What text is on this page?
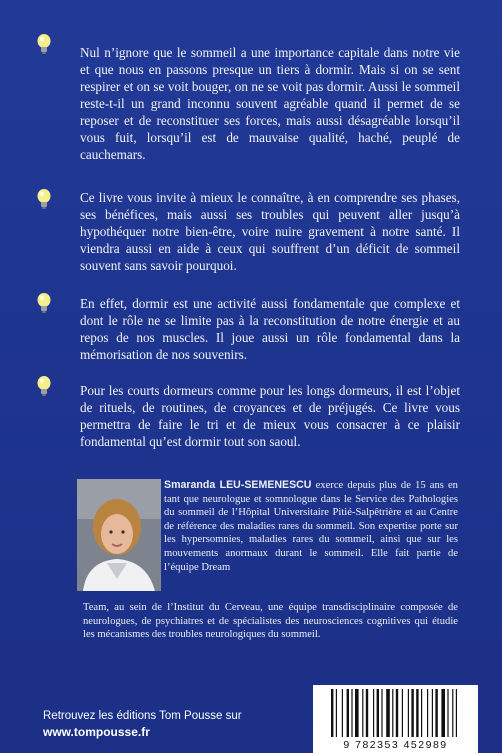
Nul n’ignore que le sommeil a une importance capitale dans notre vie et que nous en passons presque un tiers à dormir. Mais si on se sent respirer et on se voit bouger, on ne se voit pas dormir. Aussi le sommeil reste-t-il un grand inconnu souvent agréable quand il permet de se reposer et de reconstituer ses forces, mais aussi désagréable lorsqu’il vous fuit, lorsqu’il est de mauvaise qualité, haché, peuplé de cauchemars.
Ce livre vous invite à mieux le connaître, à en comprendre ses phases, ses bénéfices, mais aussi ses troubles qui peuvent aller jusqu’à hypothéquer notre bien-être, voire nuire gravement à notre santé. Il viendra aussi en aide à ceux qui souffrent d’un déficit de sommeil souvent sans savoir pourquoi.
En effet, dormir est une activité aussi fondamentale que complexe et dont le rôle ne se limite pas à la reconstitution de notre énergie et au repos de nos muscles. Il joue aussi un rôle fondamental dans la mémorisation de nos souvenirs.
Pour les courts dormeurs comme pour les longs dormeurs, il est l’objet de rituels, de routines, de croyances et de préjugés. Ce livre vous permettra de faire le tri et de mieux vous consacrer à ce plaisir fondamental qu’est dormir tout son saoul.
Smaranda LEU-SEMENESCU exerce depuis plus de 15 ans en tant que neurologue et somnologue dans le Service des Pathologies du sommeil de l’Hôpital Universitaire Pitié-Salpêtrière et au Centre de référence des maladies rares du sommeil. Son expertise porte sur les hypersomnies, maladies rares du sommeil, ainsi que sur les mouvements anormaux durant le sommeil. Elle fait partie de l’équipe Dream
Team, au sein de l’Institut du Cerveau, une équipe transdisciplinaire composée de neurologues, de psychiatres et de spécialistes des neurosciences cognitives qui étudie les mécanismes des troubles neurologiques du sommeil.
Retrouvez les éditions Tom Pousse sur
www.tompousse.fr
9 782353 452989
